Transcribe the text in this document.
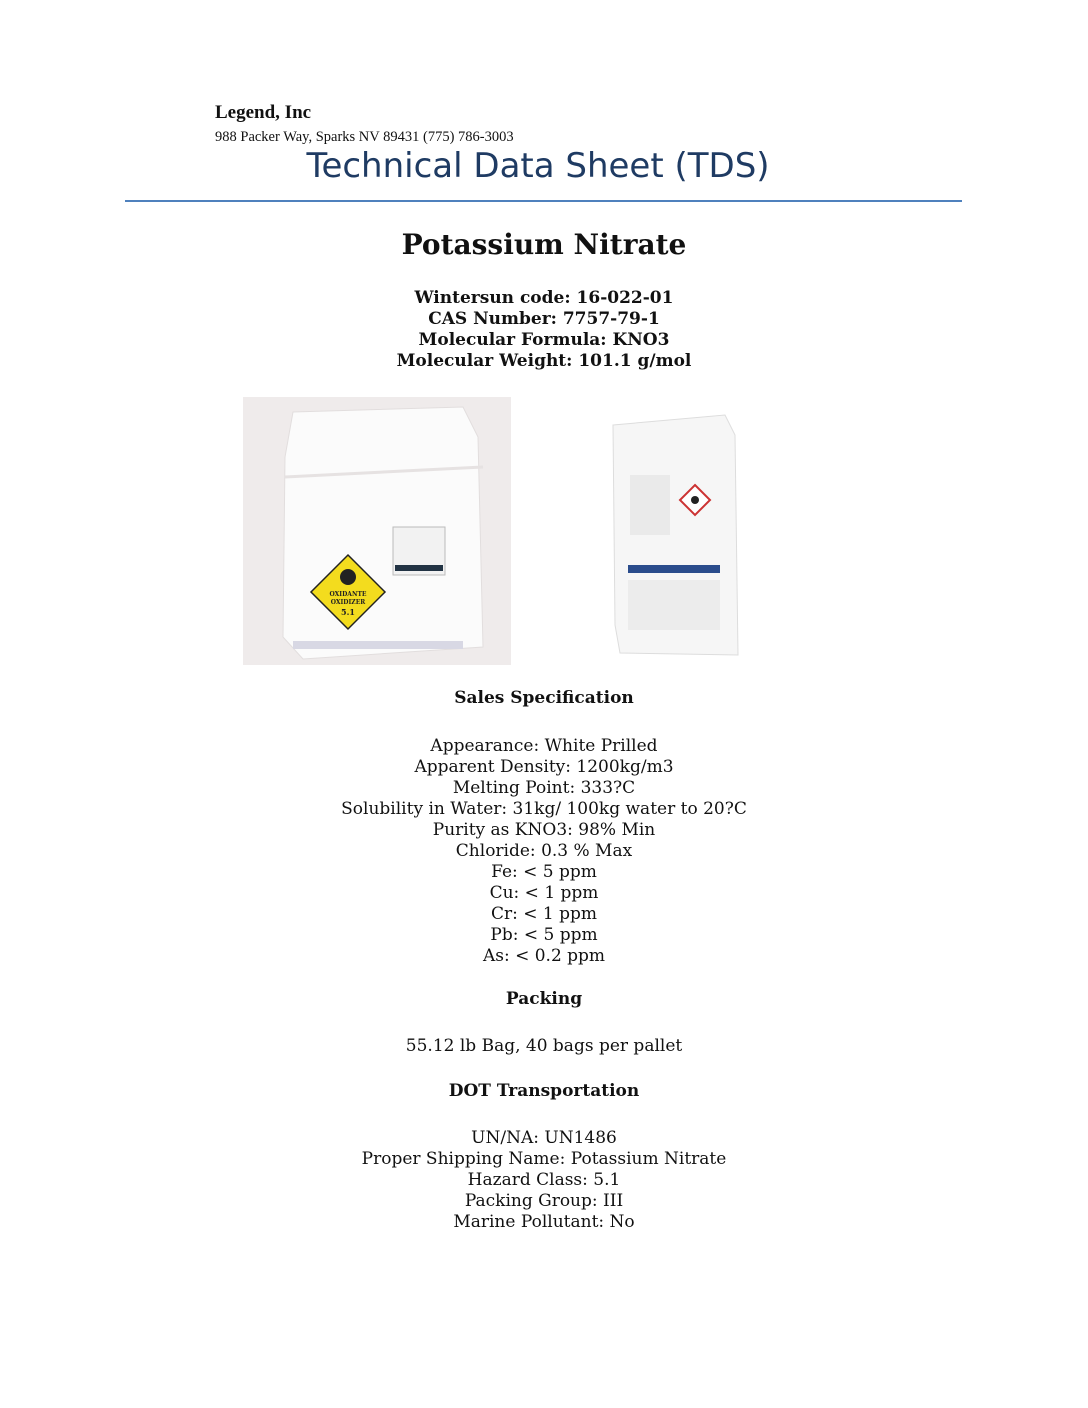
Legend, Inc
988 Packer Way, Sparks NV 89431 (775) 786-3003
Technical Data Sheet (TDS)
Potassium Nitrate
Wintersun code: 16-022-01
CAS Number: 7757-79-1
Molecular Formula: KNO3
Molecular Weight: 101.1 g/mol
OXIDANTE
OXIDIZER
5.1
Sales Specification
Appearance: White Prilled
Apparent Density: 1200kg/m3
Melting Point: 333?C
Solubility in Water: 31kg/ 100kg water to 20?C
Purity as KNO3: 98% Min
Chloride: 0.3 % Max
Fe: < 5 ppm
Cu: < 1 ppm
Cr: < 1 ppm
Pb: < 5 ppm
As: < 0.2 ppm
Packing
55.12 lb Bag, 40 bags per pallet
DOT Transportation
UN/NA: UN1486
Proper Shipping Name: Potassium Nitrate
Hazard Class: 5.1
Packing Group: III
Marine Pollutant: No
